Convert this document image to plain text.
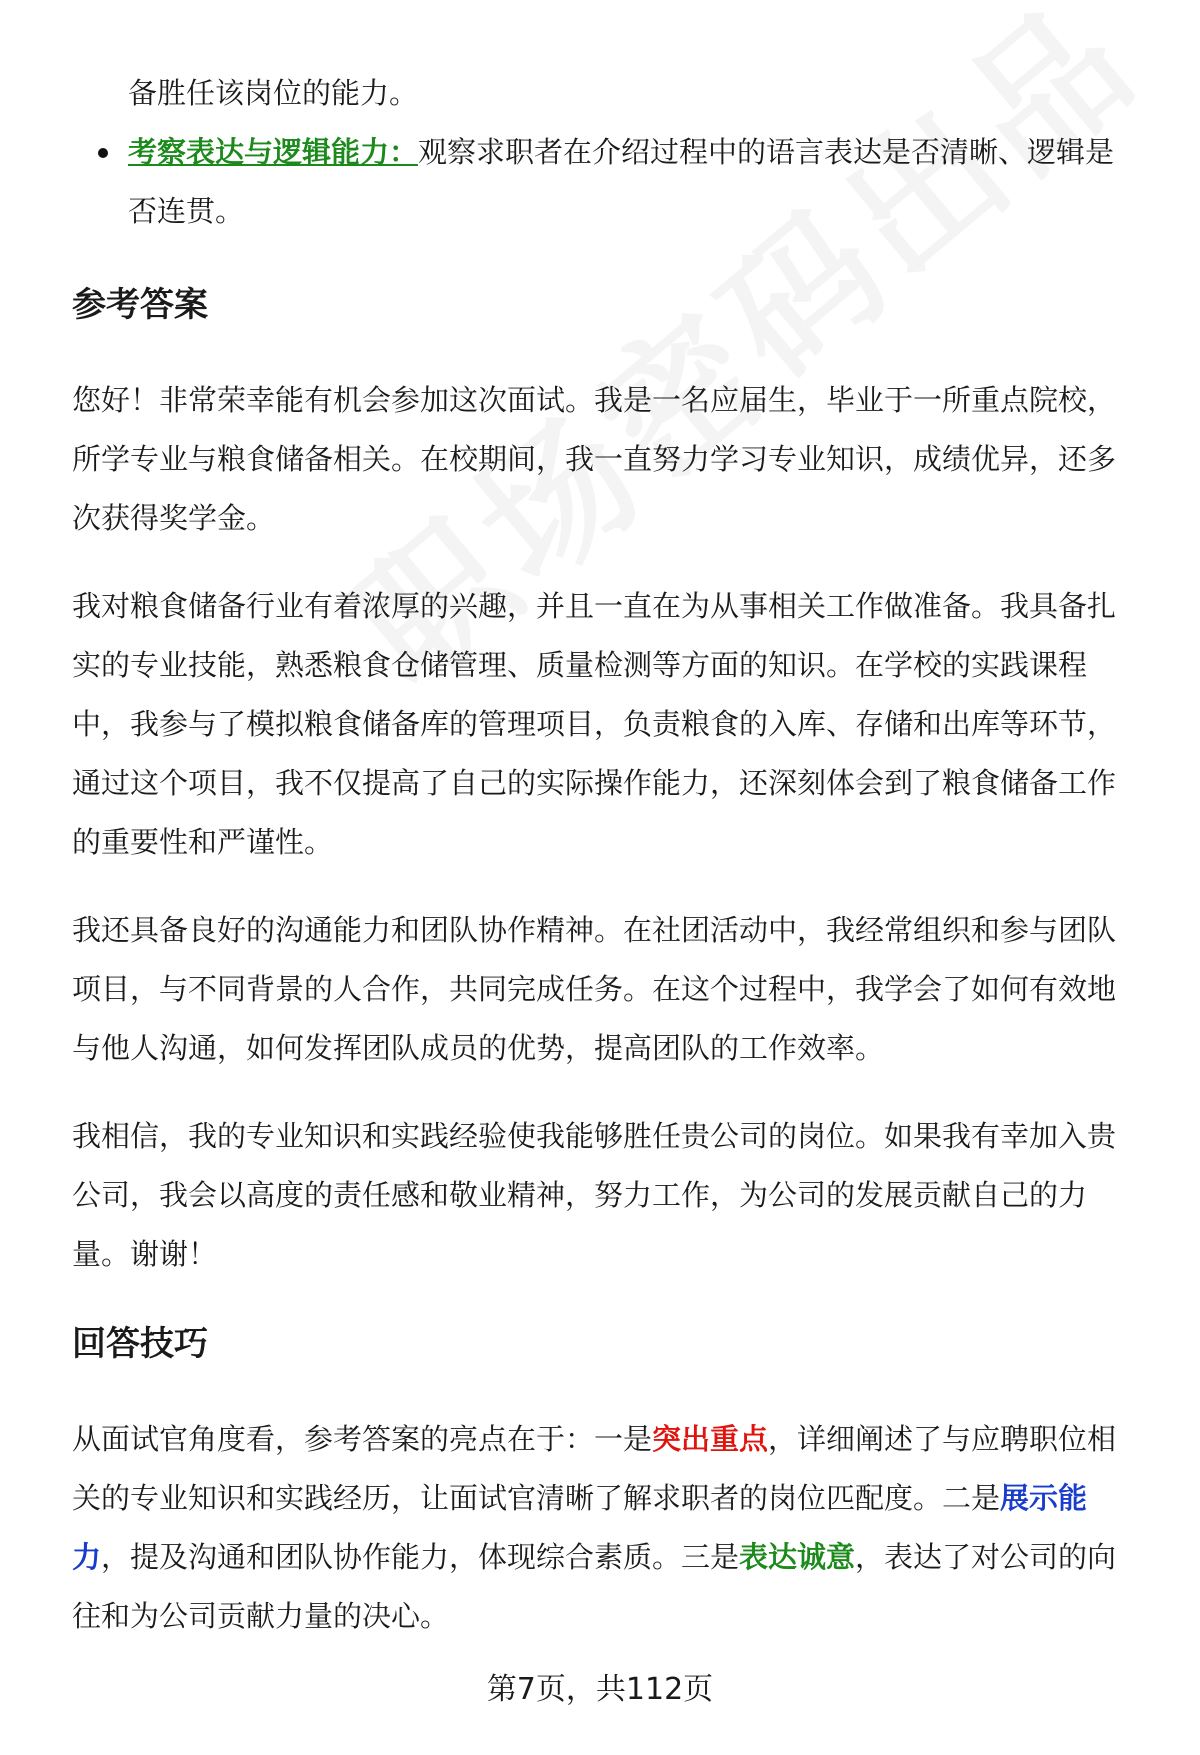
备胜任该岗位的能力。

考察表达与逻辑能力：观察求职者在介绍过程中的语言表达是否清晰、逻辑是
否连贯。
参考答案
您好！非常荣幸能有机会参加这次面试。我是一名应届生，毕业于一所重点院校，
所学专业与粮食储备相关。在校期间，我一直努力学习专业知识，成绩优异，还多
次获得奖学金。
我对粮食储备行业有着浓厚的兴趣，并且一直在为从事相关工作做准备。我具备扎
实的专业技能，熟悉粮食仓储管理、质量检测等方面的知识。在学校的实践课程
中，我参与了模拟粮食储备库的管理项目，负责粮食的入库、存储和出库等环节，
通过这个项目，我不仅提高了自己的实际操作能力，还深刻体会到了粮食储备工作
的重要性和严谨性。
我还具备良好的沟通能力和团队协作精神。在社团活动中，我经常组织和参与团队
项目，与不同背景的人合作，共同完成任务。在这个过程中，我学会了如何有效地
与他人沟通，如何发挥团队成员的优势，提高团队的工作效率。
我相信，我的专业知识和实践经验使我能够胜任贵公司的岗位。如果我有幸加入贵
公司，我会以高度的责任感和敬业精神，努力工作，为公司的发展贡献自己的力
量。谢谢！
回答技巧
从面试官角度看，参考答案的亮点在于：一是突出重点，详细阐述了与应聘职位相
关的专业知识和实践经历，让面试官清晰了解求职者的岗位匹配度。二是展示能
力，提及沟通和团队协作能力，体现综合素质。三是表达诚意，表达了对公司的向
往和为公司贡献力量的决心。
第7页，共112页
